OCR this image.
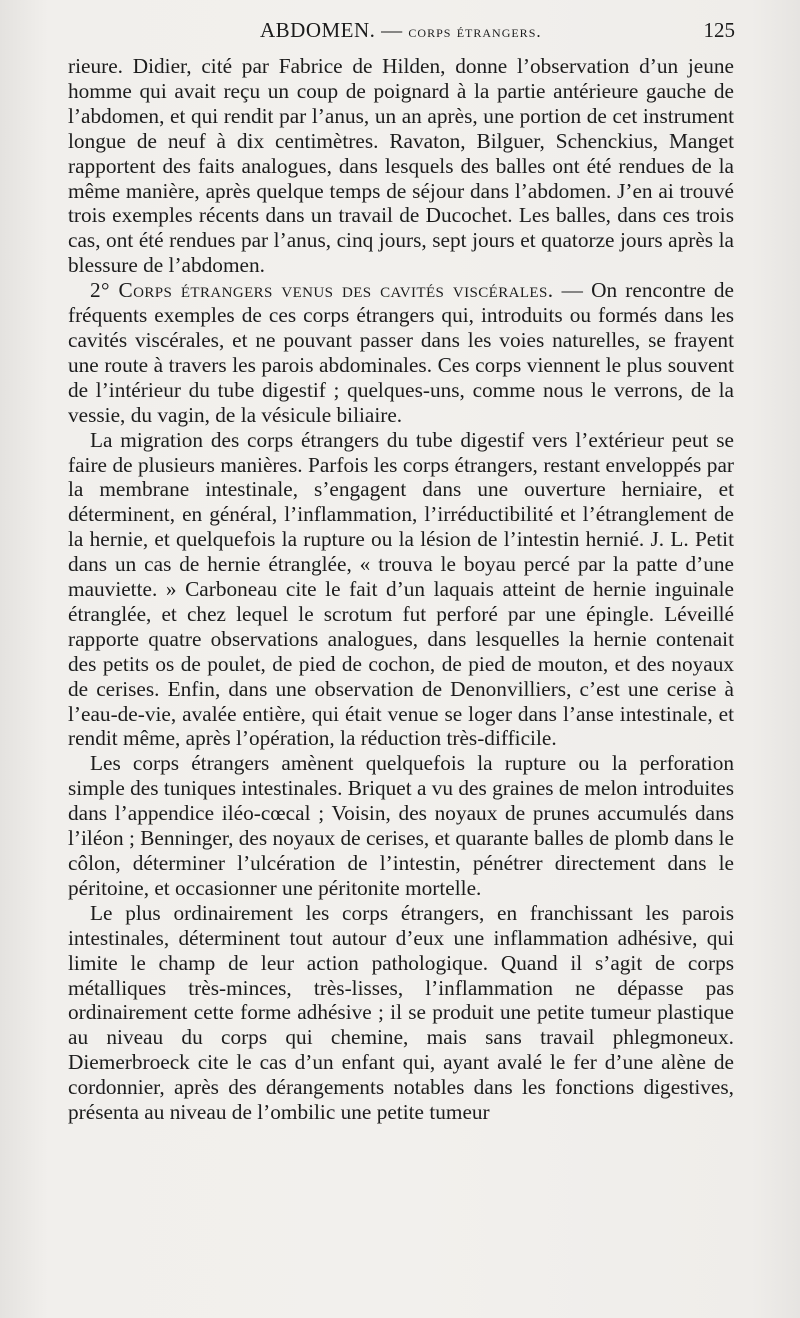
ABDOMEN. — corps étrangers.	125

rieure. Didier, cité par Fabrice de Hilden, donne l’observation d’un jeune homme qui avait reçu un coup de poignard à la partie antérieure gauche de l’abdomen, et qui rendit par l’anus, un an après, une portion de cet instrument longue de neuf à dix centimètres. Ravaton, Bilguer, Schenckius, Manget rapportent des faits analogues, dans lesquels des balles ont été rendues de la même manière, après quelque temps de séjour dans l’abdomen. J’en ai trouvé trois exemples récents dans un travail de Ducochet. Les balles, dans ces trois cas, ont été rendues par l’anus, cinq jours, sept jours et quatorze jours après la blessure de l’abdomen.

2° Corps étrangers venus des cavités viscérales. — On rencontre de fréquents exemples de ces corps étrangers qui, introduits ou formés dans les cavités viscérales, et ne pouvant passer dans les voies naturelles, se frayent une route à travers les parois abdominales. Ces corps viennent le plus souvent de l’intérieur du tube digestif ; quelques-uns, comme nous le verrons, de la vessie, du vagin, de la vésicule biliaire.

La migration des corps étrangers du tube digestif vers l’extérieur peut se faire de plusieurs manières. Parfois les corps étrangers, restant enveloppés par la membrane intestinale, s’engagent dans une ouverture herniaire, et déterminent, en général, l’inflammation, l’irréductibilité et l’étranglement de la hernie, et quelquefois la rupture ou la lésion de l’intestin hernié. J. L. Petit dans un cas de hernie étranglée, « trouva le boyau percé par la patte d’une mauviette. » Carboneau cite le fait d’un laquais atteint de hernie inguinale étranglée, et chez lequel le scrotum fut perforé par une épingle. Léveillé rapporte quatre observations analogues, dans lesquelles la hernie contenait des petits os de poulet, de pied de cochon, de pied de mouton, et des noyaux de cerises. Enfin, dans une observation de Denonvilliers, c’est une cerise à l’eau-de-vie, avalée entière, qui était venue se loger dans l’anse intestinale, et rendit même, après l’opération, la réduction très-difficile.

Les corps étrangers amènent quelquefois la rupture ou la perforation simple des tuniques intestinales. Briquet a vu des graines de melon introduites dans l’appendice iléo-cœcal ; Voisin, des noyaux de prunes accumulés dans l’iléon ; Benninger, des noyaux de cerises, et quarante balles de plomb dans le côlon, déterminer l’ulcération de l’intestin, pénétrer directement dans le péritoine, et occasionner une péritonite mortelle.

Le plus ordinairement les corps étrangers, en franchissant les parois intestinales, déterminent tout autour d’eux une inflammation adhésive, qui limite le champ de leur action pathologique. Quand il s’agit de corps métalliques très-minces, très-lisses, l’inflammation ne dépasse pas ordinairement cette forme adhésive ; il se produit une petite tumeur plastique au niveau du corps qui chemine, mais sans travail phlegmoneux. Diemerbroeck cite le cas d’un enfant qui, ayant avalé le fer d’une alène de cordonnier, après des dérangements notables dans les fonctions digestives, présenta au niveau de l’ombilic une petite tumeur
